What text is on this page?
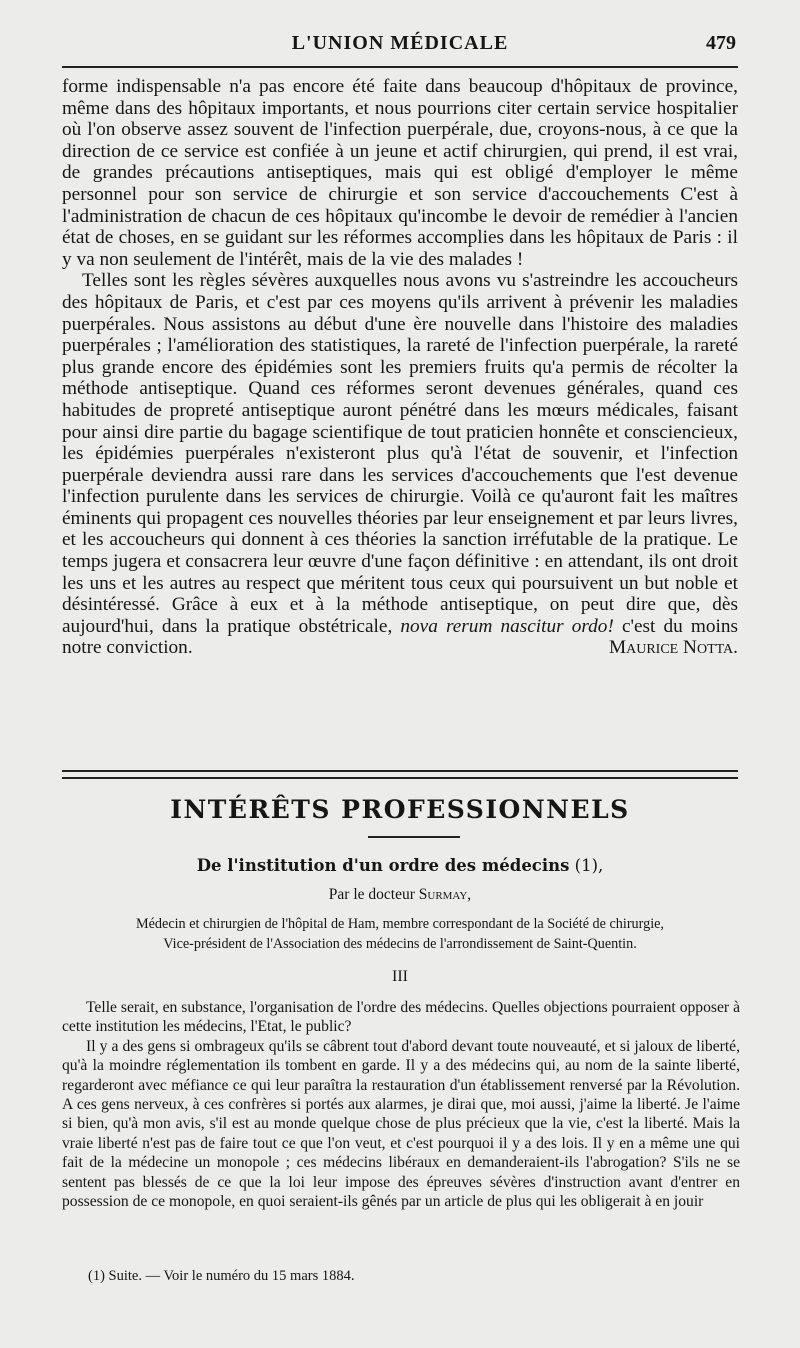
L'UNION MÉDICALE	479

forme indispensable n'a pas encore été faite dans beaucoup d'hôpitaux de province, même dans des hôpitaux importants, et nous pourrions citer certain service hospitalier où l'on observe assez souvent de l'infection puerpérale, due, croyons-nous, à ce que la direction de ce service est confiée à un jeune et actif chirurgien, qui prend, il est vrai, de grandes précautions antiseptiques, mais qui est obligé d'employer le même personnel pour son service de chirurgie et son service d'accouchements C'est à l'administration de chacun de ces hôpitaux qu'incombe le devoir de remédier à l'ancien état de choses, en se guidant sur les réformes accomplies dans les hôpitaux de Paris : il y va non seulement de l'intérêt, mais de la vie des malades !

Telles sont les règles sévères auxquelles nous avons vu s'astreindre les accoucheurs des hôpitaux de Paris, et c'est par ces moyens qu'ils arrivent à prévenir les maladies puerpérales. Nous assistons au début d'une ère nouvelle dans l'histoire des maladies puerpérales ; l'amélioration des statistiques, la rareté de l'infection puerpérale, la rareté plus grande encore des épidémies sont les premiers fruits qu'a permis de récolter la méthode antiseptique. Quand ces réformes seront devenues générales, quand ces habitudes de propreté antiseptique auront pénétré dans les mœurs médicales, faisant pour ainsi dire partie du bagage scientifique de tout praticien honnête et consciencieux, les épidémies puerpérales n'existeront plus qu'à l'état de souvenir, et l'infection puerpérale deviendra aussi rare dans les services d'accouchements que l'est devenue l'infection purulente dans les services de chirurgie. Voilà ce qu'auront fait les maîtres éminents qui propagent ces nouvelles théories par leur enseignement et par leurs livres, et les accoucheurs qui donnent à ces théories la sanction irréfutable de la pratique. Le temps jugera et consacrera leur œuvre d'une façon définitive : en attendant, ils ont droit les uns et les autres au respect que méritent tous ceux qui poursuivent un but noble et désintéressé. Grâce à eux et à la méthode antiseptique, on peut dire que, dès aujourd'hui, dans la pratique obstétricale, nova rerum nascitur ordo! c'est du moins notre conviction.	Maurice Notta.

INTÉRÊTS PROFESSIONNELS
De l'institution d'un ordre des médecins (1),
Par le docteur Surmay,
Médecin et chirurgien de l'hôpital de Ham, membre correspondant de la Société de chirurgie,
Vice-président de l'Association des médecins de l'arrondissement de Saint-Quentin.
III

Telle serait, en substance, l'organisation de l'ordre des médecins. Quelles objections pourraient opposer à cette institution les médecins, l'Etat, le public?

Il y a des gens si ombrageux qu'ils se câbrent tout d'abord devant toute nouveauté, et si jaloux de liberté, qu'à la moindre réglementation ils tombent en garde. Il y a des médecins qui, au nom de la sainte liberté, regarderont avec méfiance ce qui leur paraîtra la restauration d'un établissement renversé par la Révolution. A ces gens nerveux, à ces confrères si portés aux alarmes, je dirai que, moi aussi, j'aime la liberté. Je l'aime si bien, qu'à mon avis, s'il est au monde quelque chose de plus précieux que la vie, c'est la liberté. Mais la vraie liberté n'est pas de faire tout ce que l'on veut, et c'est pourquoi il y a des lois. Il y en a même une qui fait de la médecine un monopole ; ces médecins libéraux en demanderaient-ils l'abrogation? S'ils ne se sentent pas blessés de ce que la loi leur impose des épreuves sévères d'instruction avant d'entrer en possession de ce monopole, en quoi seraient-ils gênés par un article de plus qui les obligerait à en jouir

(1) Suite. — Voir le numéro du 15 mars 1884.
